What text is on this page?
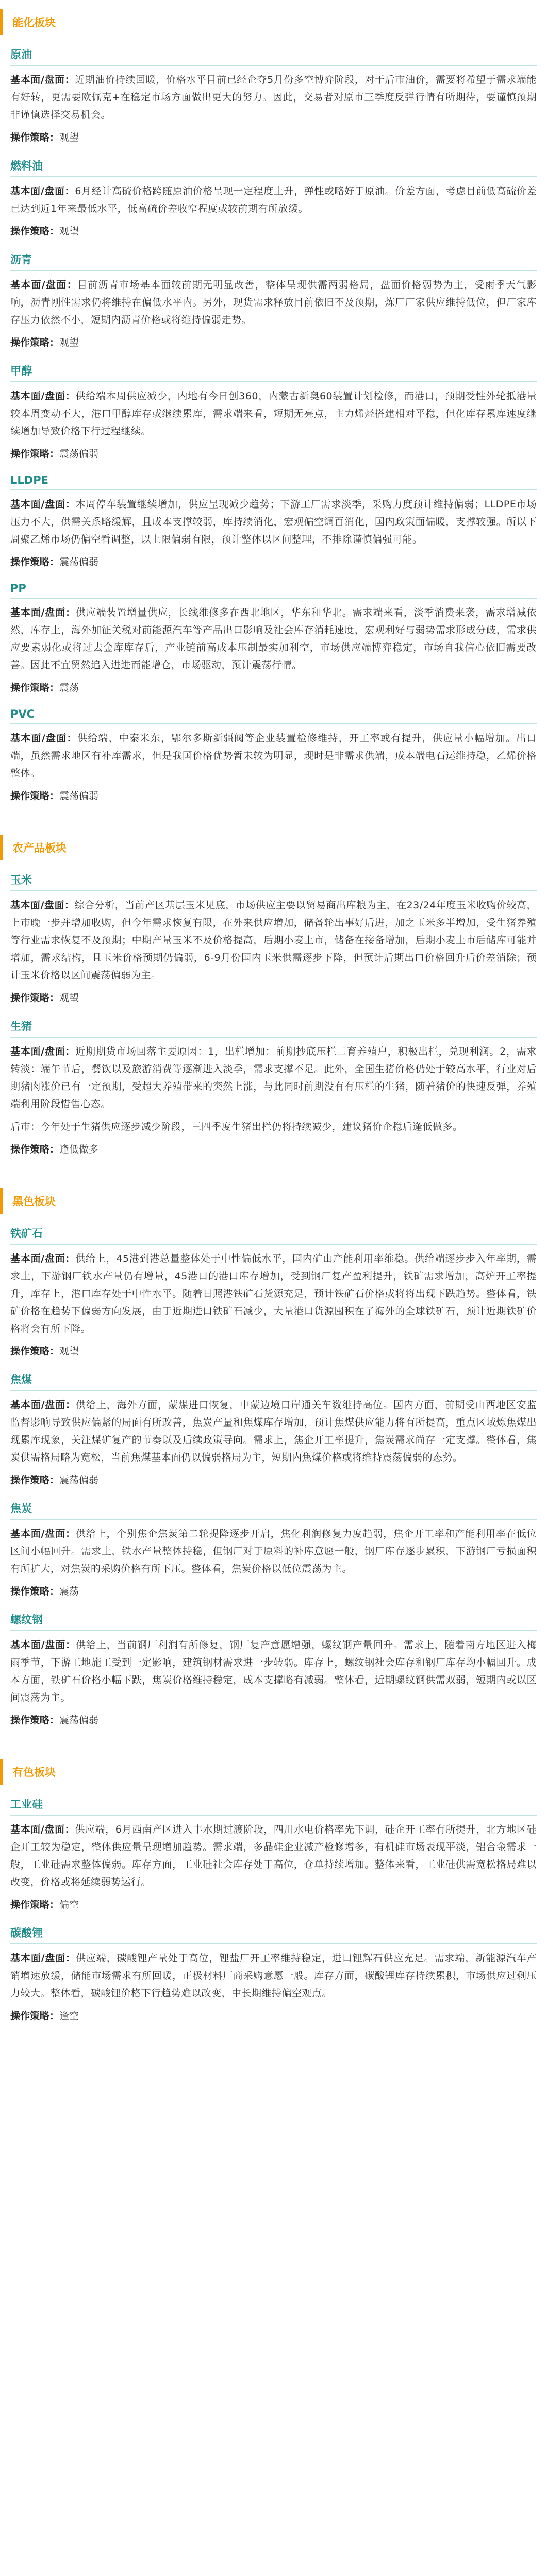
能化板块
原油

基本面/盘面：近期油价持续回暖，价格水平目前已经企夺5月份多空博弈阶段，对于后市油价，需要将希望于需求端能有好转，更需要欧佩克+在稳定市场方面做出更大的努力。因此，交易者对原市三季度反弹行情有所期待，要谨慎预期非谨慎选择交易机会。

操作策略：观望

燃料油

基本面/盘面：6月经计高硫价格跨随原油价格呈现一定程度上升，弹性或略好于原油。价差方面，考虑目前低高硫价差已达到近1年来最低水平，低高硫价差收窄程度或较前期有所放缓。

操作策略：观望

沥青

基本面/盘面：目前沥青市场基本面较前期无明显改善，整体呈现供需两弱格局，盘面价格弱势为主，受雨季天气影响，沥青刚性需求仍将维持在偏低水平内。另外，现货需求释放目前依旧不及预期，炼厂厂家供应维持低位，但厂家库存压力依然不小，短期内沥青价格或将维持偏弱走势。

操作策略：观望

甲醇

基本面/盘面：供给端本周供应减少，内地有今日创360，内蒙古新奥60装置计划检修，而港口，预期受性外轮抵港量较本周变动不大，港口甲醇库存或继续累库，需求端来看，短期无亮点，主力烯烃搭建相对平稳，但化库存累库速度继续增加导致价格下行过程继续。

操作策略：震荡偏弱

LLDPE

基本面/盘面：本周停车装置继续增加，供应呈现减少趋势；下游工厂需求淡季，采购力度预计维持偏弱；LLDPE市场压力不大，供需关系略缓解，且成本支撑较弱，库持续消化，宏观偏空调百消化，国内政策面偏暖，支撑较强。所以下周聚乙烯市场仍偏空看调整，以上限偏弱有限，预计整体以区间整理，不排除谨慎偏强可能。

操作策略：震荡偏弱

PP

基本面/盘面：供应端装置增量供应，长线维修多在西北地区，华东和华北。需求端来看，淡季消费来袭，需求增减依然，库存上，海外加征关税对前能源汽车等产品出口影响及社会库存消耗速度，宏观利好与弱势需求形成分歧，需求供应要素弱化或将过去金库库存后，产业链前高成本压制最实加利空，市场供应端博弈稳定，市场自我信心依旧需要改善。因此不宜贸然追入进进而能增仓，市场驱动，预计震荡行情。

操作策略：震荡

PVC

基本面/盘面：供给端，中泰米东，鄂尔多斯新疆阀等企业装置检修维持，开工率或有提升，供应量小幅增加。出口端，虽然需求地区有补库需求，但是我国价格优势暂未较为明显，现时是非需求供端，成本端电石运维持稳，乙烯价格整体。

操作策略：震荡偏弱

农产品板块
玉米

基本面/盘面：综合分析，当前产区基层玉米见底，市场供应主要以贸易商出库粮为主，在23/24年度玉米收购价较高，上市晚一步并增加收购，但今年需求恢复有限，在外来供应增加，储备轮出事好后进，加之玉米多半增加，受生猪养殖等行业需求恢复不及预期；中期产量玉米不及价格提高，后期小麦上市，储备在接备增加，后期小麦上市后储库可能并增加，需求结构，且玉米价格预期仍偏弱，6-9月份国内玉米供需逐步下降，但预计后期出口价格回升后价差消除；预计玉米价格以区间震荡偏弱为主。

操作策略：观望

生猪

基本面/盘面：近期期货市场回落主要原因：1，出栏增加：前期抄底压栏二育养殖户，积极出栏，兑现利润。2，需求转淡：端午节后，餐饮以及旅游消费等逐渐进入淡季，需求支撑不足。此外，全国生猪价格仍处于较高水平，行业对后期猪肉涨价已有一定预期，受超大养殖带来的突然上涨，与此同时前期没有有压栏的生猪，随着猪价的快速反弹，养殖端利用阶段惜售心态。

后市：今年处于生猪供应逐步减少阶段，三四季度生猪出栏仍将持续减少，建议猪价企稳后逢低做多。

操作策略：逢低做多

黑色板块
铁矿石

基本面/盘面：供给上，45港到港总量整体处于中性偏低水平，国内矿山产能利用率维稳。供给端逐步步入年率期，需求上，下游钢厂铁水产量仍有增量，45港口的港口库存增加，受到钢厂复产盈利提升，铁矿需求增加，高炉开工率提升，库存上，港口库存处于中性水平。随着日照港铁矿石货源充足，预计铁矿石价格或将将出现下跌趋势。整体看，铁矿价格在趋势下偏弱方向发展，由于近期进口铁矿石减少，大量港口货源囤积在了海外的全球铁矿石，预计近期铁矿价格将会有所下降。

操作策略：观望

焦煤

基本面/盘面：供给上，海外方面，蒙煤进口恢复，中蒙边境口岸通关车数维持高位。国内方面，前期受山西地区安监监督影响导致供应偏紧的局面有所改善，焦炭产量和焦煤库存增加，预计焦煤供应能力将有所提高，重点区域炼焦煤出现累库现象，关注煤矿复产的节奏以及后续政策导向。需求上，焦企开工率提升，焦炭需求尚存一定支撑。整体看，焦炭供需格局略为宽松，当前焦煤基本面仍以偏弱格局为主，短期内焦煤价格或将维持震荡偏弱的态势。

操作策略：震荡偏弱

焦炭

基本面/盘面：供给上，个别焦企焦炭第二轮提降逐步开启，焦化利润修复力度趋弱，焦企开工率和产能利用率在低位区间小幅回升。需求上，铁水产量整体持稳，但钢厂对于原料的补库意愿一般，钢厂库存逐步累积，下游钢厂亏损面积有所扩大，对焦炭的采购价格有所下压。整体看，焦炭价格以低位震荡为主。

操作策略：震荡

螺纹钢

基本面/盘面：供给上，当前钢厂利润有所修复，钢厂复产意愿增强，螺纹钢产量回升。需求上，随着南方地区进入梅雨季节，下游工地施工受到一定影响，建筑钢材需求进一步转弱。库存上，螺纹钢社会库存和钢厂库存均小幅回升。成本方面，铁矿石价格小幅下跌，焦炭价格维持稳定，成本支撑略有减弱。整体看，近期螺纹钢供需双弱，短期内或以区间震荡为主。

操作策略：震荡偏弱

有色板块
工业硅

基本面/盘面：供应端，6月西南产区进入丰水期过渡阶段，四川水电价格率先下调，硅企开工率有所提升，北方地区硅企开工较为稳定，整体供应量呈现增加趋势。需求端，多晶硅企业减产检修增多，有机硅市场表现平淡，铝合金需求一般，工业硅需求整体偏弱。库存方面，工业硅社会库存处于高位，仓单持续增加。整体来看，工业硅供需宽松格局难以改变，价格或将延续弱势运行。

操作策略：偏空

碳酸锂

基本面/盘面：供应端，碳酸锂产量处于高位，锂盐厂开工率维持稳定，进口锂辉石供应充足。需求端，新能源汽车产销增速放缓，储能市场需求有所回暖，正极材料厂商采购意愿一般。库存方面，碳酸锂库存持续累积，市场供应过剩压力较大。整体看，碳酸锂价格下行趋势难以改变，中长期维持偏空观点。

操作策略：逢空
